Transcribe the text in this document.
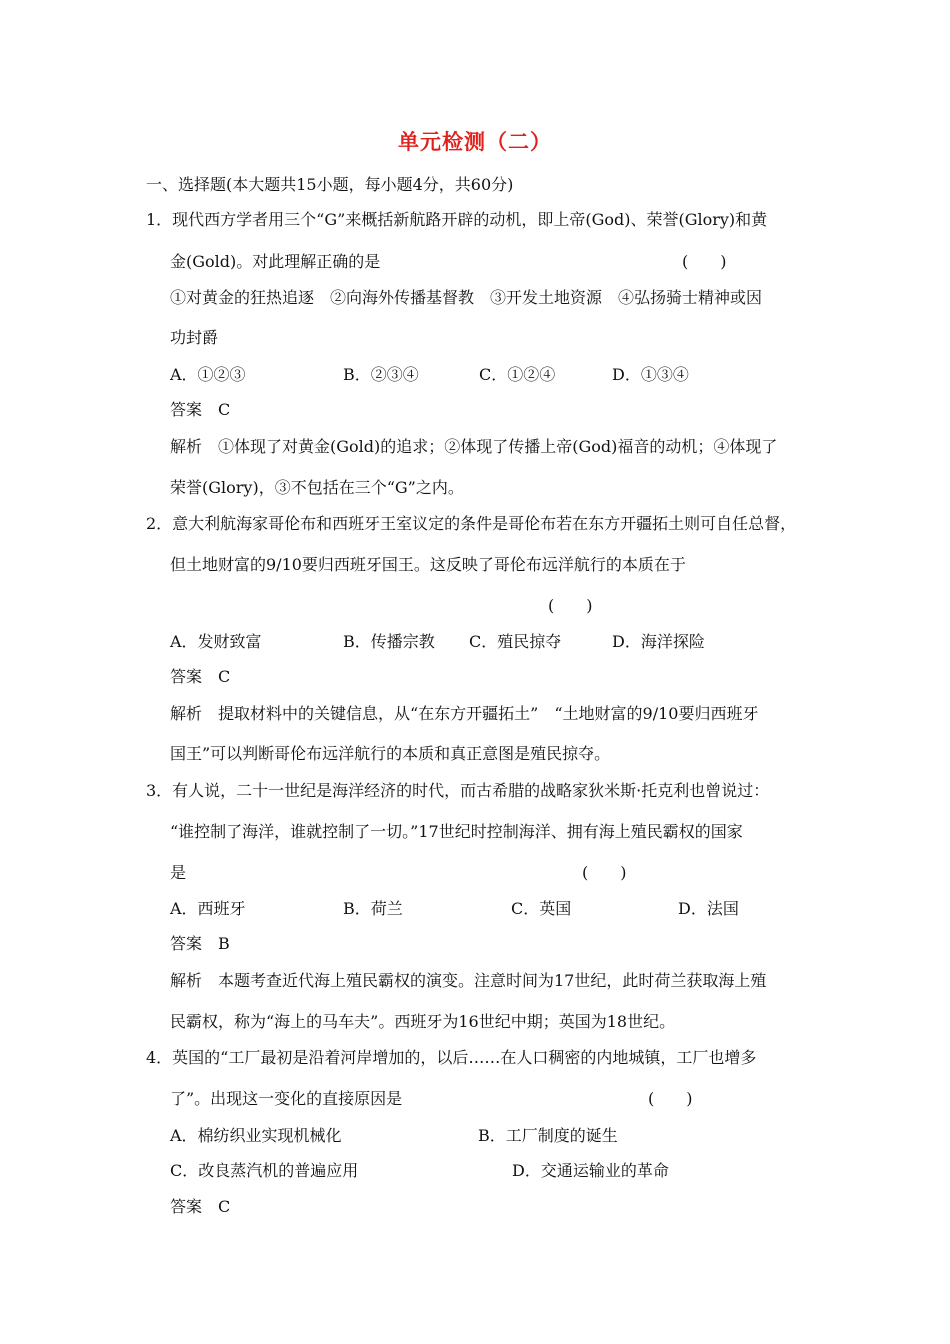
单元检测（二）
一、选择题(本大题共15小题，每小题4分，共60分)
1．现代西方学者用三个“G”来概括新航路开辟的动机，即上帝(God)、荣誉(Glory)和黄
金(Gold)。对此理解正确的是	(　　)
①对黄金的狂热追逐　②向海外传播基督教　③开发土地资源　④弘扬骑士精神或因
功封爵
A．①②③	B．②③④	C．①②④	D．①③④
答案　C
解析　①体现了对黄金(Gold)的追求；②体现了传播上帝(God)福音的动机；④体现了
荣誉(Glory)，③不包括在三个“G”之内。
2．意大利航海家哥伦布和西班牙王室议定的条件是哥伦布若在东方开疆拓土则可自任总督，
但土地财富的9/10要归西班牙国王。这反映了哥伦布远洋航行的本质在于
(　　)
A．发财致富	B．传播宗教 C．殖民掠夺	D．海洋探险
答案　C
解析　提取材料中的关键信息，从“在东方开疆拓土”　“土地财富的9/10要归西班牙
国王”可以判断哥伦布远洋航行的本质和真正意图是殖民掠夺。
3．有人说，二十一世纪是海洋经济的时代，而古希腊的战略家狄米斯·托克利也曾说过：
“谁控制了海洋，谁就控制了一切。”17世纪时控制海洋、拥有海上殖民霸权的国家
是	(　　)
A．西班牙	B．荷兰	C．英国	D．法国
答案　B
解析　本题考查近代海上殖民霸权的演变。注意时间为17世纪，此时荷兰获取海上殖
民霸权，称为“海上的马车夫”。西班牙为16世纪中期；英国为18世纪。
4．英国的“工厂最初是沿着河岸增加的，以后……在人口稠密的内地城镇，工厂也增多
了”。出现这一变化的直接原因是	(　　)
A．棉纺织业实现机械化	B．工厂制度的诞生
C．改良蒸汽机的普遍应用	D．交通运输业的革命
答案　C
